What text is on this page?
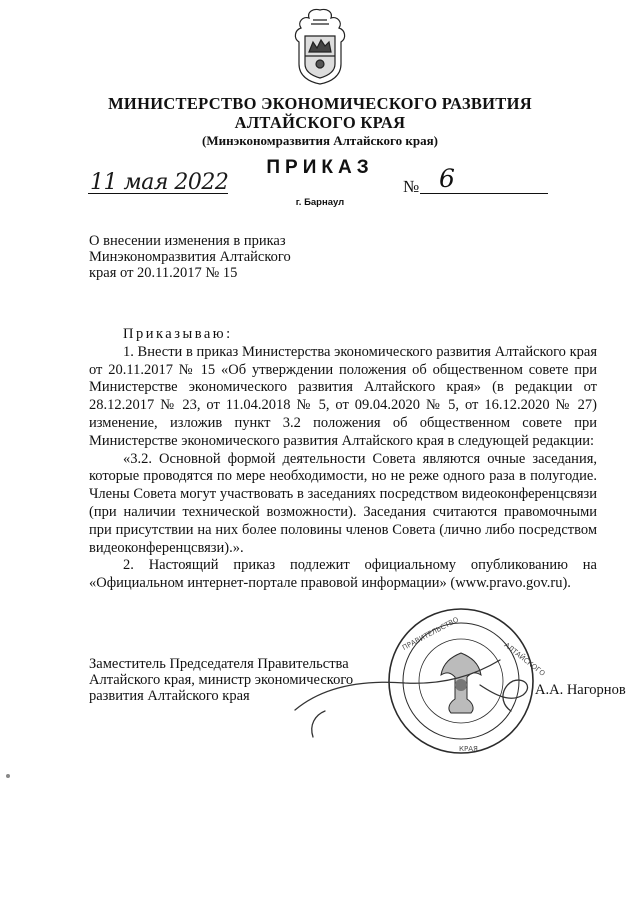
МИНИСТЕРСТВО ЭКОНОМИЧЕСКОГО РАЗВИТИЯ
АЛТАЙСКОГО КРАЯ
(Минэкономразвития Алтайского края)
ПРИКАЗ
11 мая 2022	№ 6
г. Барнаул
О внесении изменения в приказ
Минэкономразвития Алтайского
края от 20.11.2017 № 15

Приказываю:

1. Внести в приказ Министерства экономического развития Алтайского края от 20.11.2017 № 15 «Об утверждении положения об общественном совете при Министерстве экономического развития Алтайского края» (в редакции от 28.12.2017 № 23, от 11.04.2018 № 5, от 09.04.2020 № 5, от 16.12.2020 № 27) изменение, изложив пункт 3.2 положения об общественном совете при Министерстве экономического развития Алтайского края в следующей редакции:

«3.2. Основной формой деятельности Совета являются очные заседания, которые проводятся по мере необходимости, но не реже одного раза в полугодие. Члены Совета могут участвовать в заседаниях посредством видеоконференцсвязи (при наличии технической возможности). Заседания считаются правомочными при присутствии на них более половины членов Совета (лично либо посредством видеоконференцсвязи).».

2. Настоящий приказ подлежит официальному опубликованию на «Официальном интернет-портале правовой информации» (www.pravo.gov.ru).

Заместитель Председателя Правительства
Алтайского края, министр экономического
развития Алтайского края
ПРАВИТЕЛЬСТВО
АЛТАЙСКОГО
КРАЯ
А.А. Нагорнов
